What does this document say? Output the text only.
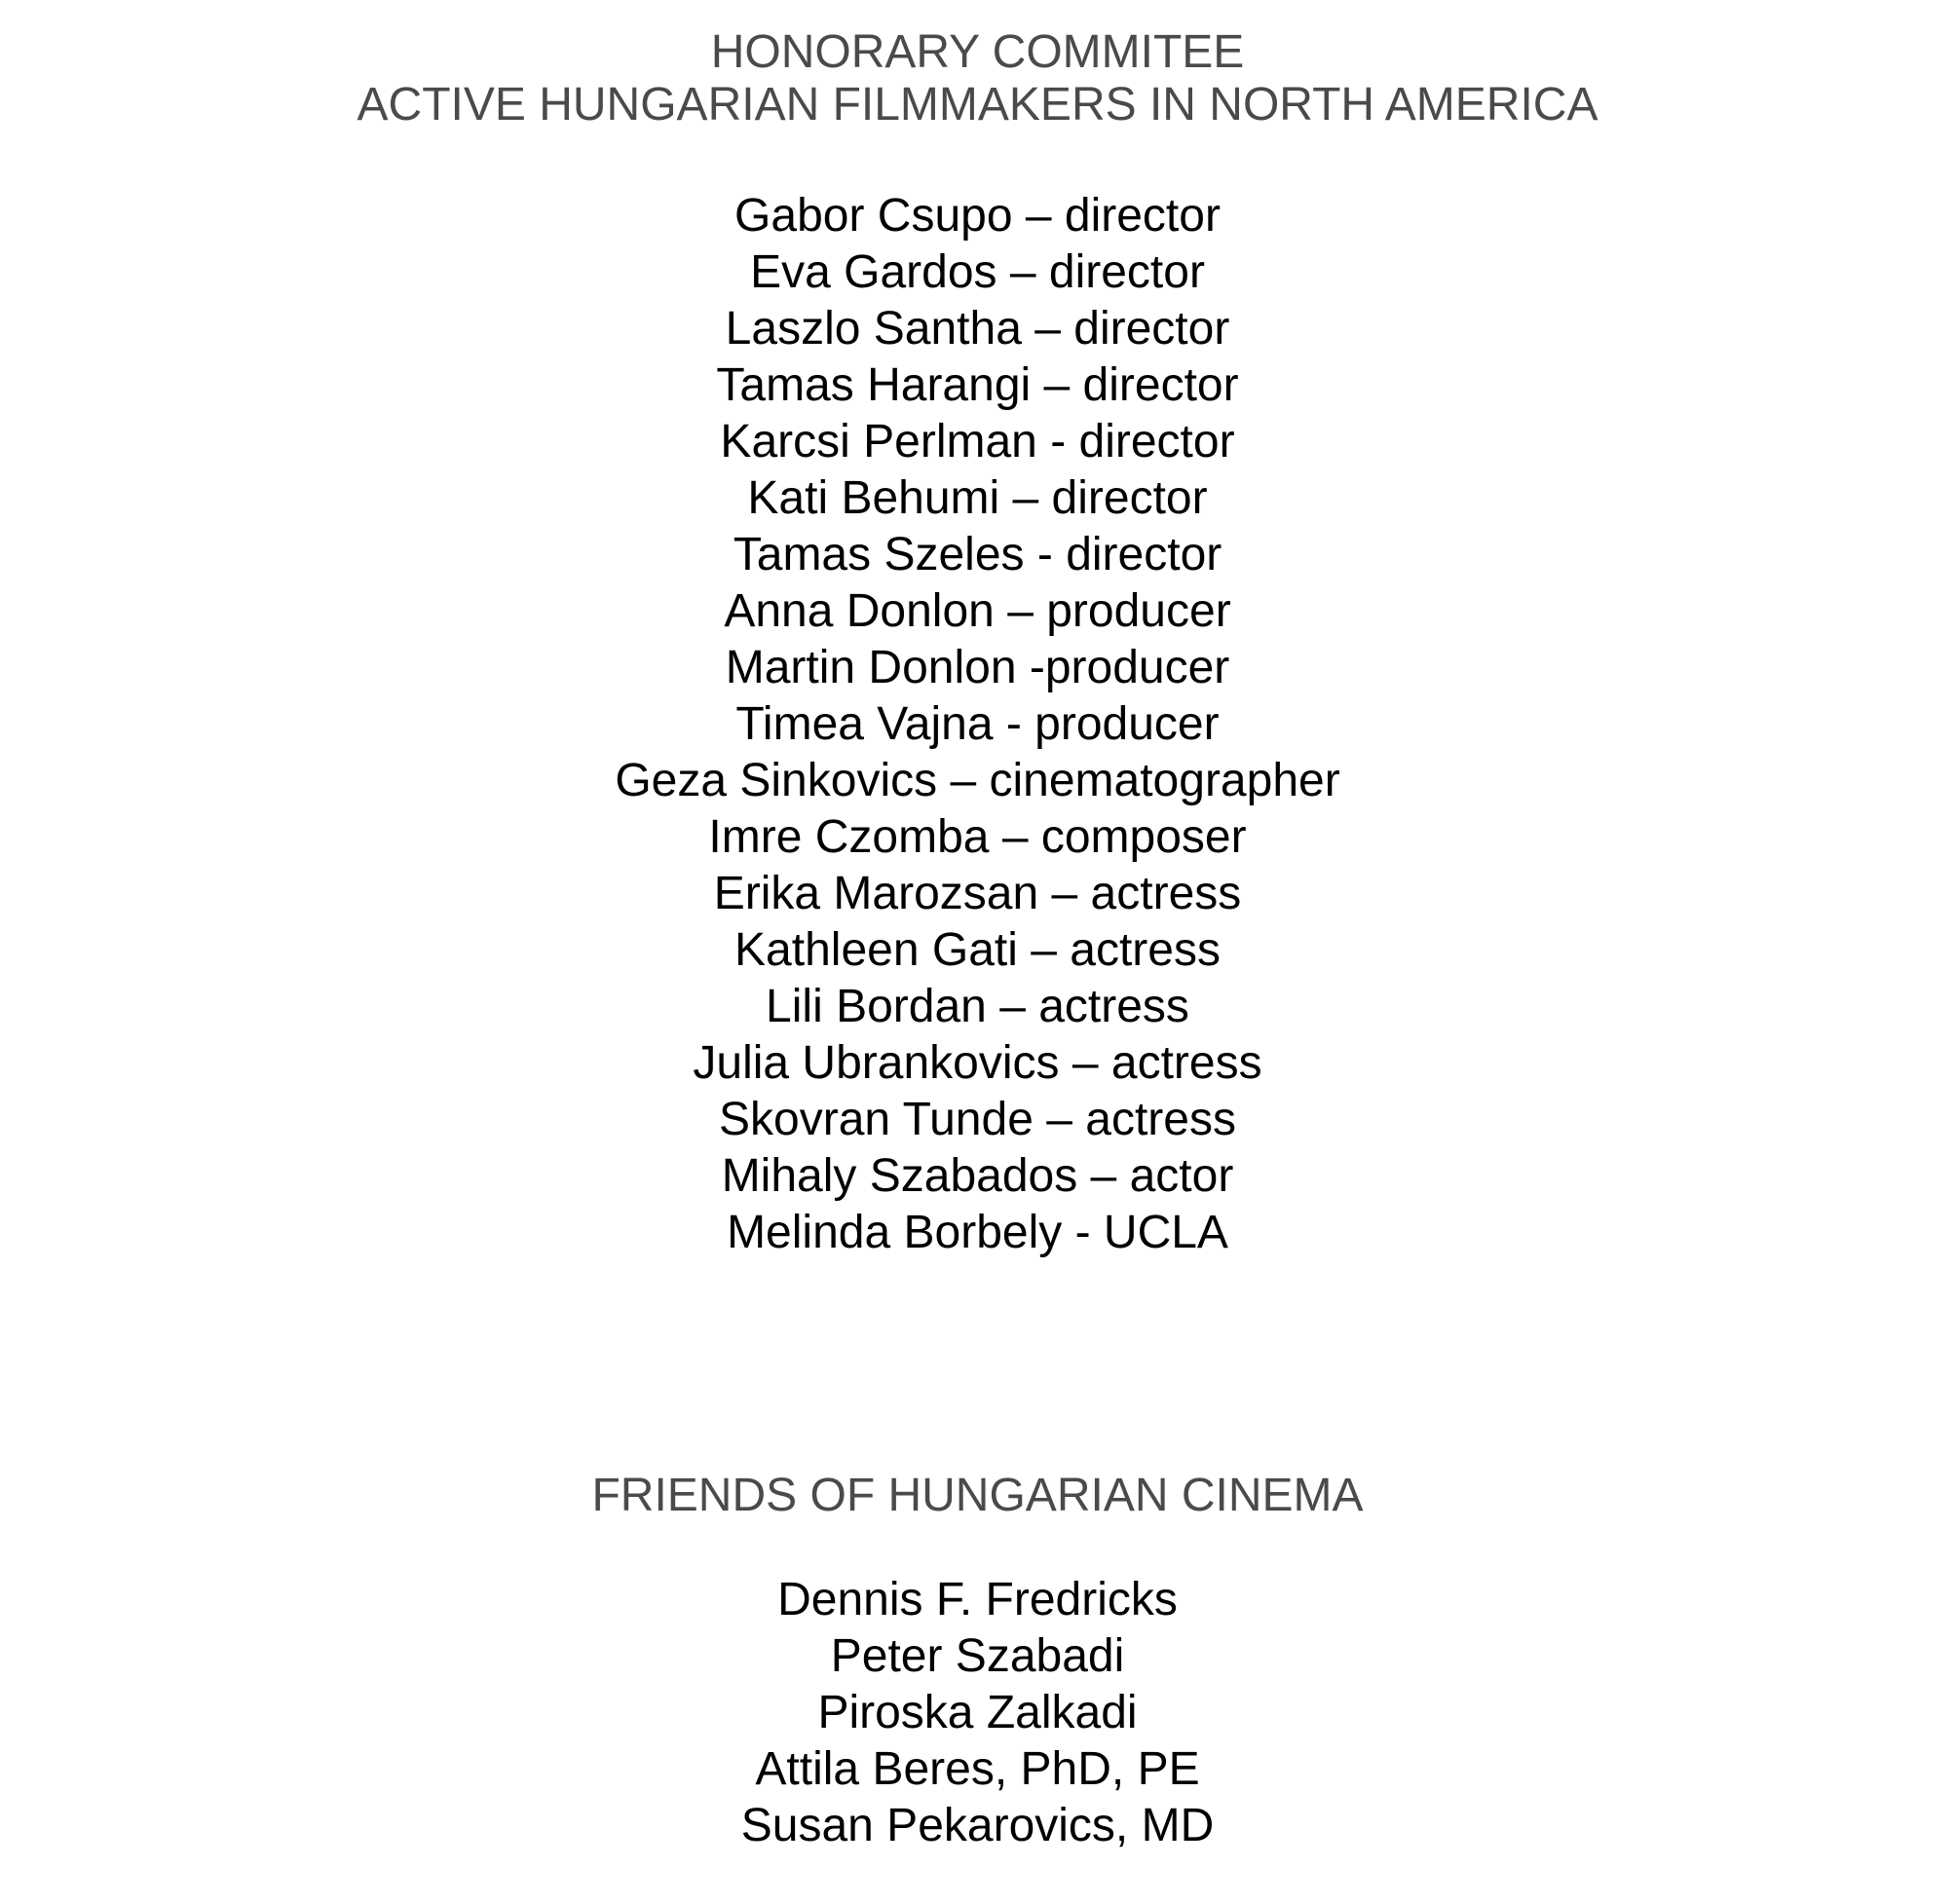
HONORARY COMMITEE
ACTIVE HUNGARIAN FILMMAKERS IN NORTH AMERICA
Gabor Csupo – director
Eva Gardos – director
Laszlo Santha – director
Tamas Harangi – director
Karcsi Perlman - director
Kati Behumi – director
Tamas Szeles - director
Anna Donlon – producer
Martin Donlon -producer
Timea Vajna - producer
Geza Sinkovics – cinematographer
Imre Czomba – composer
Erika Marozsan – actress
Kathleen Gati – actress
Lili Bordan – actress
Julia Ubrankovics – actress
Skovran Tunde – actress
Mihaly Szabados – actor
Melinda Borbely - UCLA
FRIENDS OF HUNGARIAN CINEMA
Dennis F. Fredricks
Peter Szabadi
Piroska Zalkadi
Attila Beres, PhD, PE
Susan Pekarovics, MD
